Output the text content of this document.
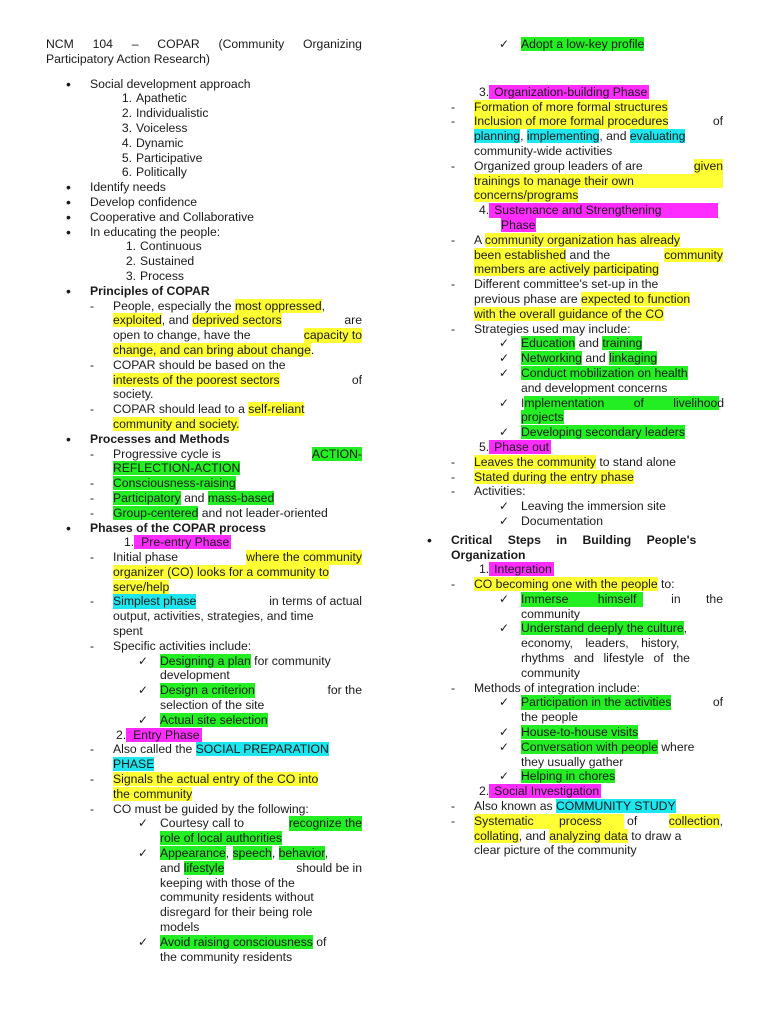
NCM 104 – COPAR (Community Organizing
Participatory Action Research)
• Social development approach
1. Apathetic
2. Individualistic
3. Voiceless
4. Dynamic
5. Participative
6. Politically
• Identify needs
• Develop confidence
• Cooperative and Collaborative
• In educating the people:
1. Continuous
2. Sustained
3. Process
• Principles of COPAR
- People, especially the most oppressed,
exploited, and deprived sectors	are
open to change, have the	capacity to
change, and can bring about change.
- COPAR should be based on the
interests of the poorest sectors	of
society.
- COPAR should lead to a self-reliant
community and society.
• Processes and Methods
- Progressive cycle is	ACTION-
REFLECTION-ACTION
- Consciousness-raising
- Participatory and mass-based
- Group-centered and not leader-oriented
• Phases of the COPAR process
1. Pre-entry Phase
- Initial phase	where the community
organizer (CO) looks for a community to
serve/help
- Simplest phase	in terms of actual
output, activities, strategies, and time
spent
- Specific activities include:
✓ Designing a plan for community
development
✓ Design a criterion	for the
selection of the site
✓ Actual site selection
2. Entry Phase
- Also called the SOCIAL PREPARATION
PHASE
- Signals the actual entry of the CO into
the community
- CO must be guided by the following:
✓ Courtesy call to	recognize the
role of local authorities
✓ Appearance, speech, behavior,
and lifestyle	should be in
keeping with those of the
community residents without
disregard for their being role
models
✓ Avoid raising consciousness of
the community residents
✓ Adopt a low-key profile
3. Organization-building Phase
- Formation of more formal structures
- Inclusion of more formal procedures	of
planning, implementing, and evaluating
community-wide activities
- Organized group leaders of are	given
trainings to manage their own
concerns/programs
4. Sustenance and Strengthening
Phase
- A community organization has already
been established and the	community
members are actively participating
- Different committee's set-up in the
previous phase are expected to function
with the overall guidance of the CO
- Strategies used may include:
✓ Education and training
✓ Networking and linkaging
✓ Conduct mobilization on health
and development concerns
✓ Implementation of livelihood
projects
✓ Developing secondary leaders
5. Phase out
- Leaves the community to stand alone
- Stated during the entry phase
- Activities:
✓ Leaving the immersion site
✓ Documentation
• Critical Steps in Building People's
Organization
1. Integration
- CO becoming one with the people to:
✓ Immerse himself	in the
community
✓ Understand deeply the culture,
economy, leaders, history,
rhythms and lifestyle of the
community
- Methods of integration include:
✓ Participation in the activities	of
the people
✓ House-to-house visits
✓ Conversation with people where
they usually gather
✓ Helping in chores
2. Social Investigation
- Also known as COMMUNITY STUDY
- Systematic process of	collection,
collating, and analyzing data to draw a
clear picture of the community
